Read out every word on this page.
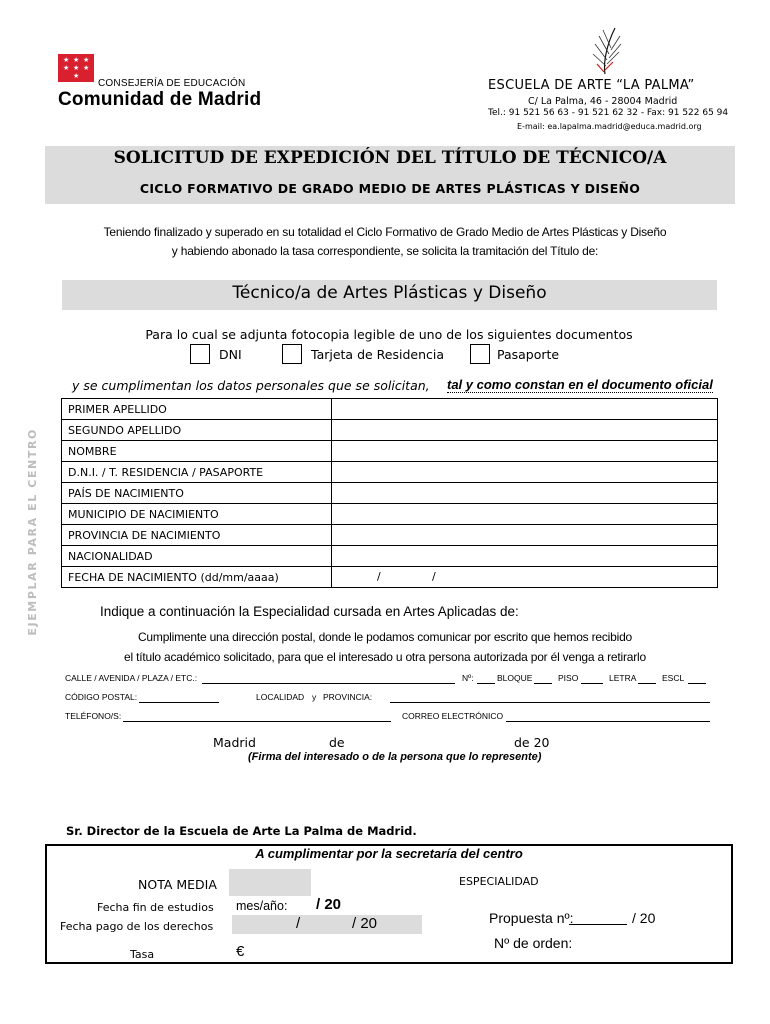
★ ★ ★
★ ★ ★
★
CONSEJERÍA DE EDUCACIÓN
Comunidad de Madrid
ESCUELA DE ARTE “LA PALMA”
C/ La Palma, 46 - 28004 Madrid
Tel.: 91 521 56 63 - 91 521 62 32 - Fax: 91 522 65 94
E-mail: ea.lapalma.madrid@educa.madrid.org
SOLICITUD DE EXPEDICIÓN DEL TÍTULO DE TÉCNICO/A
CICLO FORMATIVO DE GRADO MEDIO DE ARTES PLÁSTICAS Y DISEÑO
Teniendo finalizado y superado en su totalidad el Ciclo Formativo de Grado Medio de Artes Plásticas y Diseño
y habiendo abonado la tasa correspondiente, se solicita la tramitación del Título de:
Técnico/a de Artes Plásticas y Diseño
Para lo cual se adjunta fotocopia legible de uno de los siguientes documentos
DNI	Tarjeta de Residencia	Pasaporte
y se cumplimentan los datos personales que se solicitan, tal y como constan en el documento oficial
PRIMER APELLIDO	
SEGUNDO APELLIDO	
NOMBRE	
D.N.I. / T. RESIDENCIA / PASAPORTE	
PAÍS DE NACIMIENTO	
MUNICIPIO DE NACIMIENTO	
PROVINCIA DE NACIMIENTO	
NACIONALIDAD	
FECHA DE NACIMIENTO (dd/mm/aaaa)	/ /
EJEMPLAR PARA EL CENTRO	Indique a continuación la Especialidad cursada en Artes Aplicadas de:
Cumplimente una dirección postal, donde le podamos comunicar por escrito que hemos recibido
el título académico solicitado, para que el interesado u otra persona autorizada por él venga a retirarlo
CALLE / AVENIDA / PLAZA / ETC.:	Nº:	BLOQUE	PISO	LETRA	ESCL
CÓDIGO POSTAL:	LOCALIDAD y PROVINCIA:
TELÉFONO/S:	CORREO ELECTRÓNICO
Madrid	de	de 20
(Firma del interesado o de la persona que lo represente)
Sr. Director de la Escuela de Arte La Palma de Madrid.
A cumplimentar por la secretaría del centro
NOTA MEDIA
Fecha fin de estudios mes/año: / 20
Fecha pago de los derechos	/	/ 20
Tasa	€
ESPECIALIDAD
Propuesta nº:	/ 20
Nº de orden:
